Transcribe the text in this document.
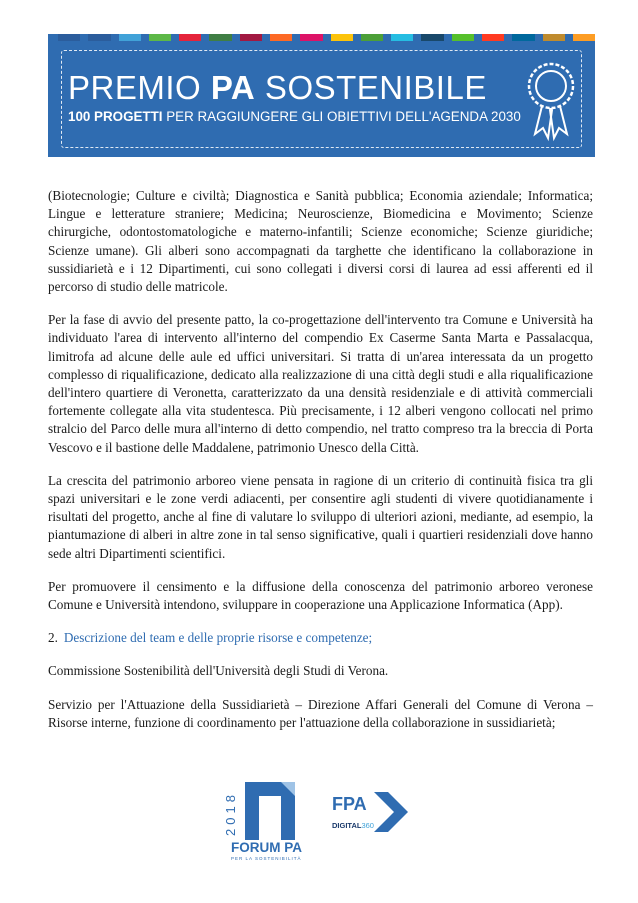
PREMIO PA SOSTENIBILE
100 PROGETTI PER RAGGIUNGERE GLI OBIETTIVI DELL'AGENDA 2030

(Biotecnologie; Culture e civiltà; Diagnostica e Sanità pubblica; Economia aziendale; Informatica; Lingue e letterature straniere; Medicina; Neuroscienze, Biomedicina e Movimento; Scienze chirurgiche, odontostomatologiche e materno-infantili; Scienze economiche; Scienze giuridiche; Scienze umane). Gli alberi sono accompagnati da targhette che identificano la collaborazione in sussidiarietà e i 12 Dipartimenti, cui sono collegati i diversi corsi di laurea ad essi afferenti ed il percorso di studio delle matricole.

Per la fase di avvio del presente patto, la co-progettazione dell'intervento tra Comune e Università ha individuato l'area di intervento all'interno del compendio Ex Caserme Santa Marta e Passalacqua, limitrofa ad alcune delle aule ed uffici universitari. Si tratta di un'area interessata da un progetto complesso di riqualificazione, dedicato alla realizzazione di una città degli studi e alla riqualificazione dell'intero quartiere di Veronetta, caratterizzato da una densità residenziale e di attività commerciali fortemente collegate alla vita studentesca. Più precisamente, i 12 alberi vengono collocati nel primo stralcio del Parco delle mura all'interno di detto compendio, nel tratto compreso tra la breccia di Porta Vescovo e il bastione delle Maddalene, patrimonio Unesco della Città.

La crescita del patrimonio arboreo viene pensata in ragione di un criterio di continuità fisica tra gli spazi universitari e le zone verdi adiacenti, per consentire agli studenti di vivere quotidianamente i risultati del progetto, anche al fine di valutare lo sviluppo di ulteriori azioni, mediante, ad esempio, la piantumazione di alberi in altre zone in tal senso significative, quali i quartieri residenziali dove hanno sede altri Dipartimenti scientifici.

Per promuovere il censimento e la diffusione della conoscenza del patrimonio arboreo veronese Comune e Università intendono, sviluppare in cooperazione una Applicazione Informatica (App).

2. Descrizione del team e delle proprie risorse e competenze;

Commissione Sostenibilità dell'Università degli Studi di Verona.

Servizio per l'Attuazione della Sussidiarietà – Direzione Affari Generali del Comune di Verona – Risorse interne, funzione di coordinamento per l'attuazione della collaborazione in sussidiarietà;

2018
FORUM PA
PER LA SOSTENIBILITÀ
FPA
DIGITAL360
